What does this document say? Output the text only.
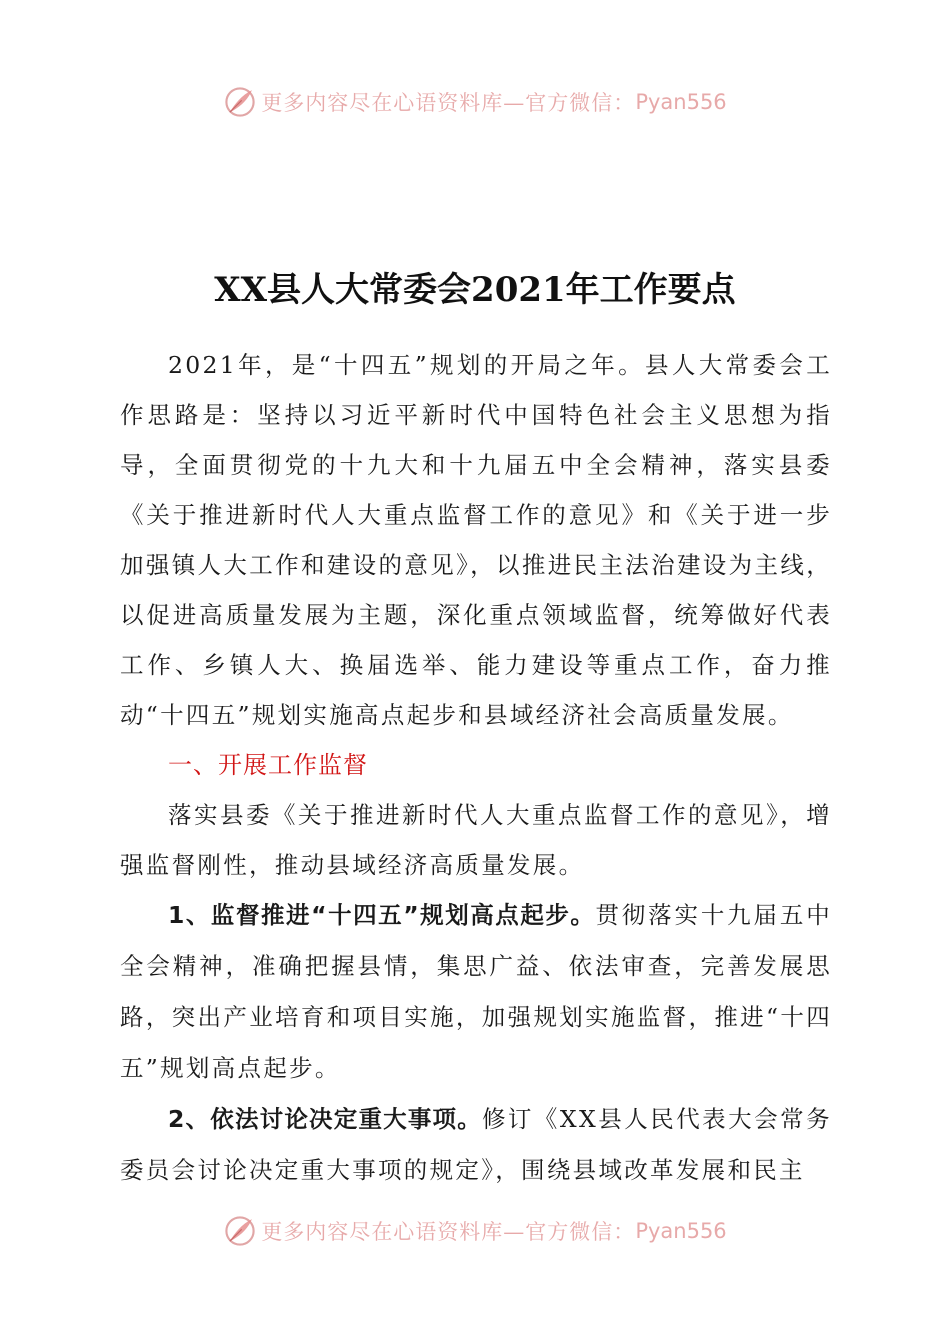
更多内容尽在心语资料库—官方微信： Pyan556
XX县人大常委会2021年工作要点

2021年，是“十四五”规划的开局之年。县人大常委会工作思路是：坚持以习近平新时代中国特色社会主义思想为指导，全面贯彻党的十九大和十九届五中全会精神，落实县委《关于推进新时代人大重点监督工作的意见》和《关于进一步加强镇人大工作和建设的意见》，以推进民主法治建设为主线，以促进高质量发展为主题，深化重点领域监督，统筹做好代表工作、乡镇人大、换届选举、能力建设等重点工作，奋力推动“十四五”规划实施高点起步和县域经济社会高质量发展。

一、开展工作监督

落实县委《关于推进新时代人大重点监督工作的意见》，增强监督刚性，推动县域经济高质量发展。

1、监督推进“十四五”规划高点起步。贯彻落实十九届五中全会精神，准确把握县情，集思广益、依法审查，完善发展思路，突出产业培育和项目实施，加强规划实施监督，推进“十四五”规划高点起步。

2、依法讨论决定重大事项。修订《XX县人民代表大会常务委员会讨论决定重大事项的规定》，围绕县域改革发展和民主

更多内容尽在心语资料库—官方微信： Pyan556
